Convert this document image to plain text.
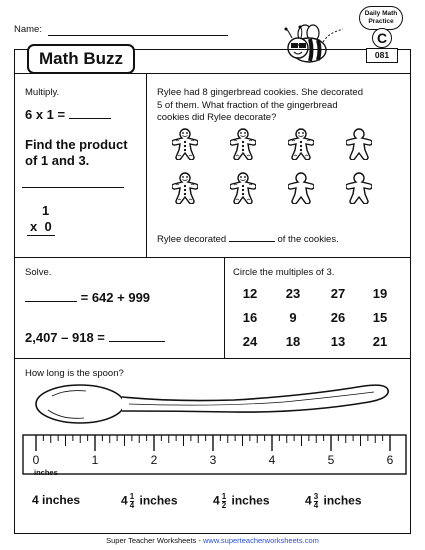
Name:
Math Buzz
Daily Math
Practice
C
081
Multiply.
6 x 1 =
Find the product
of 1 and 3.
1
x  0
Rylee had 8 gingerbread cookies. She decorated
5 of them. What fraction of the gingerbread
cookies did Rylee decorate?
Rylee decorated	of the cookies.
Solve.
= 642 + 999
2,407 – 918 =
Circle the multiples of 3.
12	23	27	19
16	9	26	15
24	18	13	21
How long is the spoon?
0	1	2	3	4	5	6
inches
4 inches	$4 \frac{1}{4}$ inches	$4 \frac{1}{2}$ inches	$4 \frac{3}{4}$ inches
Super Teacher Worksheets - www.superteacherworksheets.com
